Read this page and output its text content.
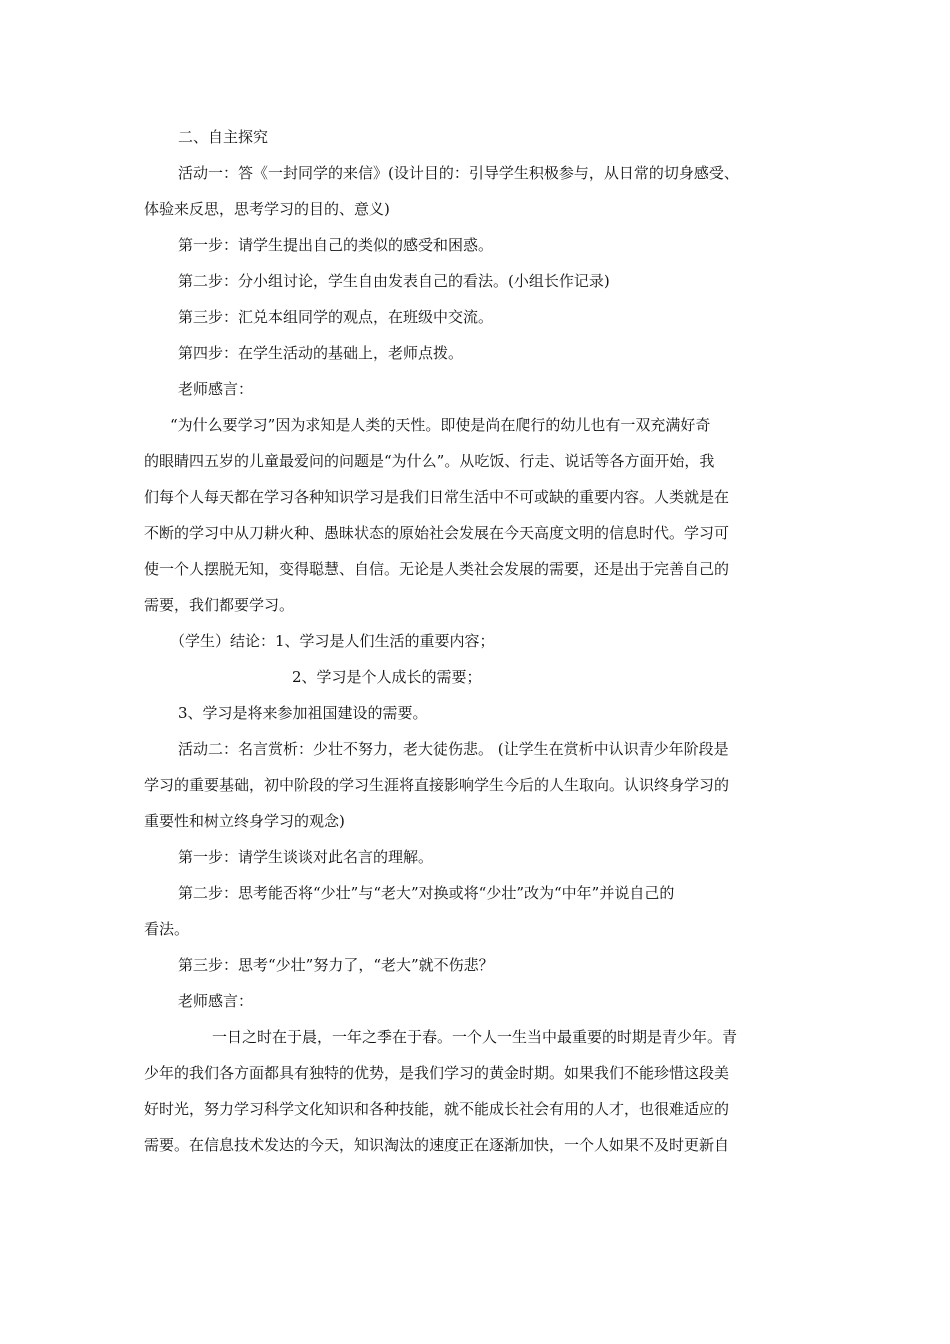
二、自主探究

活动一：答《一封同学的来信》(设计目的：引导学生积极参与，从日常的切身感受、

体验来反思，思考学习的目的、意义)

第一步：请学生提出自己的类似的感受和困惑。

第二步：分小组讨论，学生自由发表自己的看法。(小组长作记录)

第三步：汇兑本组同学的观点，在班级中交流。

第四步：在学生活动的基础上，老师点拨。

老师感言：

“为什么要学习”因为求知是人类的天性。即使是尚在爬行的幼儿也有一双充满好奇

的眼睛四五岁的儿童最爱问的问题是“为什么”。从吃饭、行走、说话等各方面开始，我

们每个人每天都在学习各种知识学习是我们日常生活中不可或缺的重要内容。人类就是在

不断的学习中从刀耕火种、愚昧状态的原始社会发展在今天高度文明的信息时代。学习可

使一个人摆脱无知，变得聪慧、自信。无论是人类社会发展的需要，还是出于完善自己的

需要，我们都要学习。

（学生）结论：1、学习是人们生活的重要内容；

2、学习是个人成长的需要；

3、学习是将来参加祖国建设的需要。

活动二：名言赏析：少壮不努力，老大徒伤悲。 (让学生在赏析中认识青少年阶段是

学习的重要基础，初中阶段的学习生涯将直接影响学生今后的人生取向。认识终身学习的

重要性和树立终身学习的观念)

第一步：请学生谈谈对此名言的理解。

第二步：思考能否将“少壮”与“老大”对换或将“少壮”改为“中年”并说自己的

看法。

第三步：思考“少壮”努力了，“老大”就不伤悲？

老师感言：

一日之时在于晨，一年之季在于春。一个人一生当中最重要的时期是青少年。青

少年的我们各方面都具有独特的优势，是我们学习的黄金时期。如果我们不能珍惜这段美

好时光，努力学习科学文化知识和各种技能，就不能成长社会有用的人才，也很难适应的

需要。在信息技术发达的今天，知识淘汰的速度正在逐渐加快，一个人如果不及时更新自
